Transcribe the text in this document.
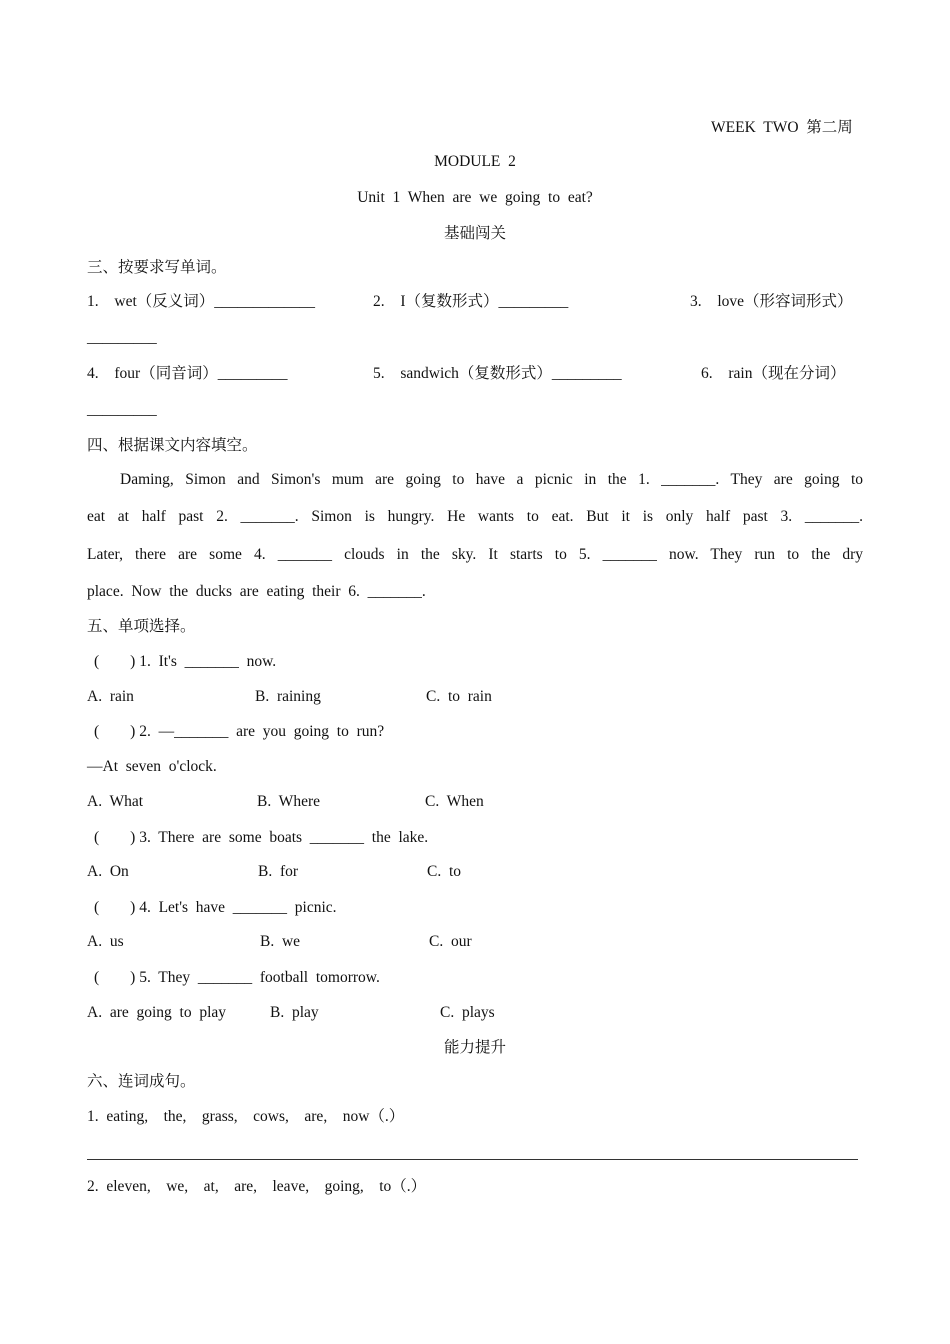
WEEK  TWO  第二周
MODULE  2
Unit  1  When  are  we  going  to  eat?
基础闯关
三、按要求写单词。
1.  wet（反义词）_____________	2.  I（复数形式）_________	3.  love（形容词形式）
_________
4.  four（同音词）_________	5.  sandwich（复数形式）_________	6.  rain（现在分词）
_________
四、根据课文内容填空。
Daming, Simon and Simon's mum are going to have a picnic in the 1. _______. They are going to
eat at half past 2. _______. Simon is hungry. He wants to eat. But it is only half past 3. _______.
Later, there are some 4. _______ clouds in the sky. It starts to 5. _______ now. They run to the dry
place.  Now  the  ducks  are  eating  their  6.  _______.
五、单项选择。
(        ) 1.  It's  _______  now.
A.  rain	B.  raining	C.  to  rain
(        ) 2.  —_______  are  you  going  to  run?
—At  seven  o'clock.
A.  What	B.  Where	C.  When
(        ) 3.  There  are  some  boats  _______  the  lake.
A.  On	B.  for	C.  to
(        ) 4.  Let's  have  _______  picnic.
A.  us	B.  we	C.  our
(        ) 5.  They  _______  football  tomorrow.
A.  are  going  to  play	B.  play	C.  plays
能力提升
六、连词成句。
1.  eating,    the,    grass,    cows,    are,    now（.）
2.  eleven,    we,    at,    are,    leave,    going,    to（.）
